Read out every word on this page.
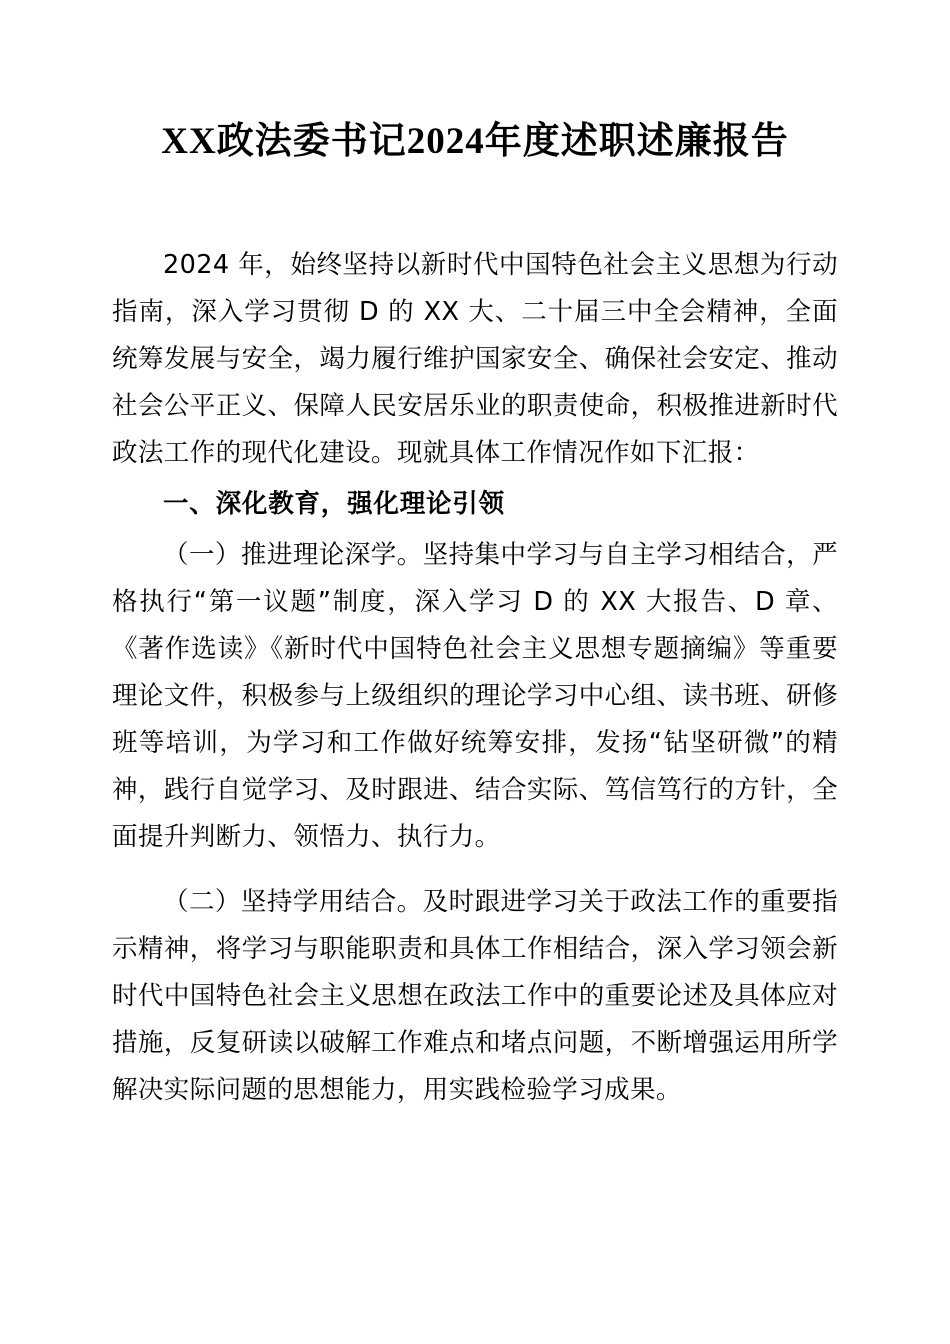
XX政法委书记2024年度述职述廉报告

2024 年，始终坚持以新时代中国特色社会主义思想为行动指南，深入学习贯彻 D 的 XX 大、二十届三中全会精神，全面统筹发展与安全，竭力履行维护国家安全、确保社会安定、推动社会公平正义、保障人民安居乐业的职责使命，积极推进新时代政法工作的现代化建设。现就具体工作情况作如下汇报：

一、深化教育，强化理论引领

（一）推进理论深学。坚持集中学习与自主学习相结合，严格执行“第一议题”制度，深入学习 D 的 XX 大报告、D 章、《著作选读》《新时代中国特色社会主义思想专题摘编》等重要理论文件，积极参与上级组织的理论学习中心组、读书班、研修班等培训，为学习和工作做好统筹安排，发扬“钻坚研微”的精神，践行自觉学习、及时跟进、结合实际、笃信笃行的方针，全面提升判断力、领悟力、执行力。

（二）坚持学用结合。及时跟进学习关于政法工作的重要指示精神，将学习与职能职责和具体工作相结合，深入学习领会新时代中国特色社会主义思想在政法工作中的重要论述及具体应对措施，反复研读以破解工作难点和堵点问题，不断增强运用所学解决实际问题的思想能力，用实践检验学习成果。
